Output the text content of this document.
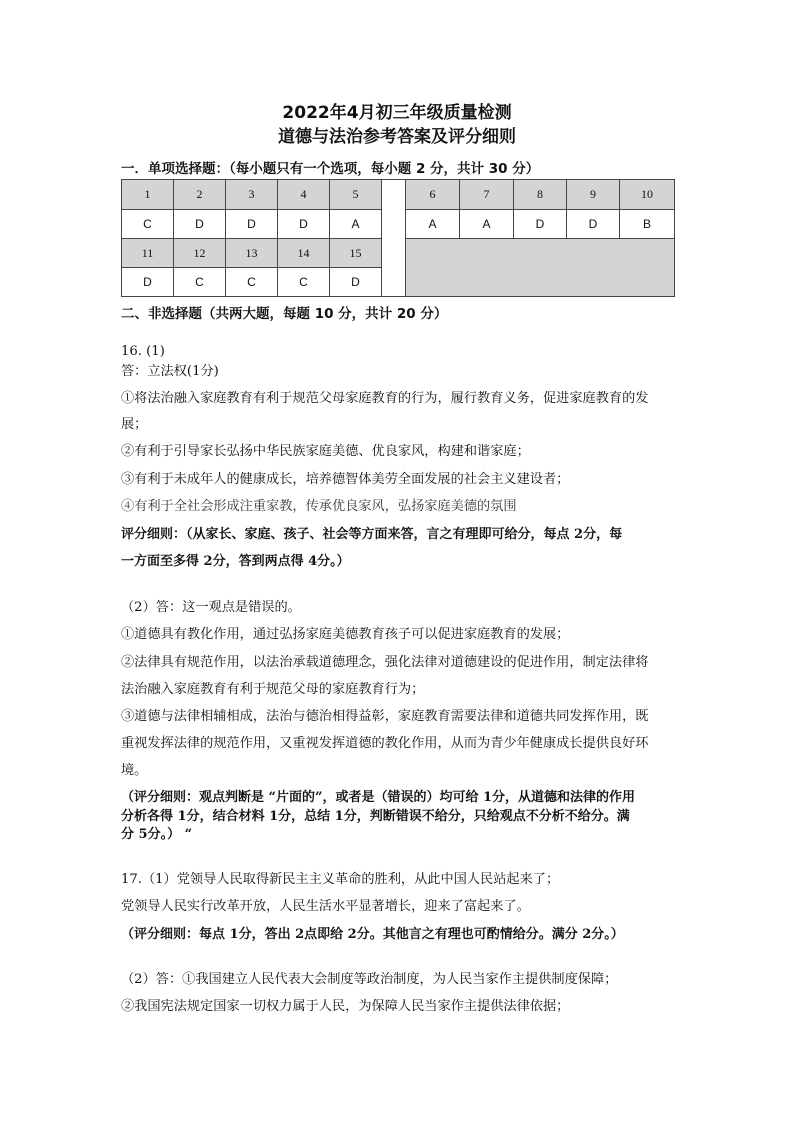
2022年4月初三年级质量检测
道德与法治参考答案及评分细则
一．单项选择题：（每小题只有一个选项，每小题 2 分，共计 30 分）
1	2	3	4	5		6	7	8	9	10
C	D	D	D	A		A	A	D	D	B
11	12	13	14	15						
D	C	C	C	D						
二、非选择题（共两大题，每题 10 分，共计 20 分）
16. (1)
答：立法权(1分)
①将法治融入家庭教育有利于规范父母家庭教育的行为，履行教育义务，促进家庭教育的发
展；
②有利于引导家长弘扬中华民族家庭美德、优良家风，构建和谐家庭；
③有利于未成年人的健康成长，培养德智体美劳全面发展的社会主义建设者；
④有利于全社会形成注重家教，传承优良家风，弘扬家庭美德的氛围
评分细则：（从家长、家庭、孩子、社会等方面来答，言之有理即可给分，每点 2分，每
一方面至多得 2分，答到两点得 4分。）
（2）答：这一观点是错误的。
①道德具有教化作用，通过弘扬家庭美德教育孩子可以促进家庭教育的发展；
②法律具有规范作用，以法治承载道德理念，强化法律对道德建设的促进作用，制定法律将
法治融入家庭教育有利于规范父母的家庭教育行为；
③道德与法律相辅相成，法治与德治相得益彰，家庭教育需要法律和道德共同发挥作用，既
重视发挥法律的规范作用，又重视发挥道德的教化作用，从而为青少年健康成长提供良好环
境。
（评分细则：观点判断是 “片面的”，或者是（错误的）均可给 1分，从道德和法律的作用
分析各得 1分，结合材料 1分，总结 1分，判断错误不给分，只给观点不分析不给分。满
分 5分。） “
17.（1）党领导人民取得新民主主义革命的胜利，从此中国人民站起来了；
党领导人民实行改革开放，人民生活水平显著增长，迎来了富起来了。
（评分细则：每点 1分，答出 2点即给 2分。其他言之有理也可酌情给分。满分 2分。）
（2）答：①我国建立人民代表大会制度等政治制度，为人民当家作主提供制度保障；
②我国宪法规定国家一切权力属于人民，为保障人民当家作主提供法律依据；
